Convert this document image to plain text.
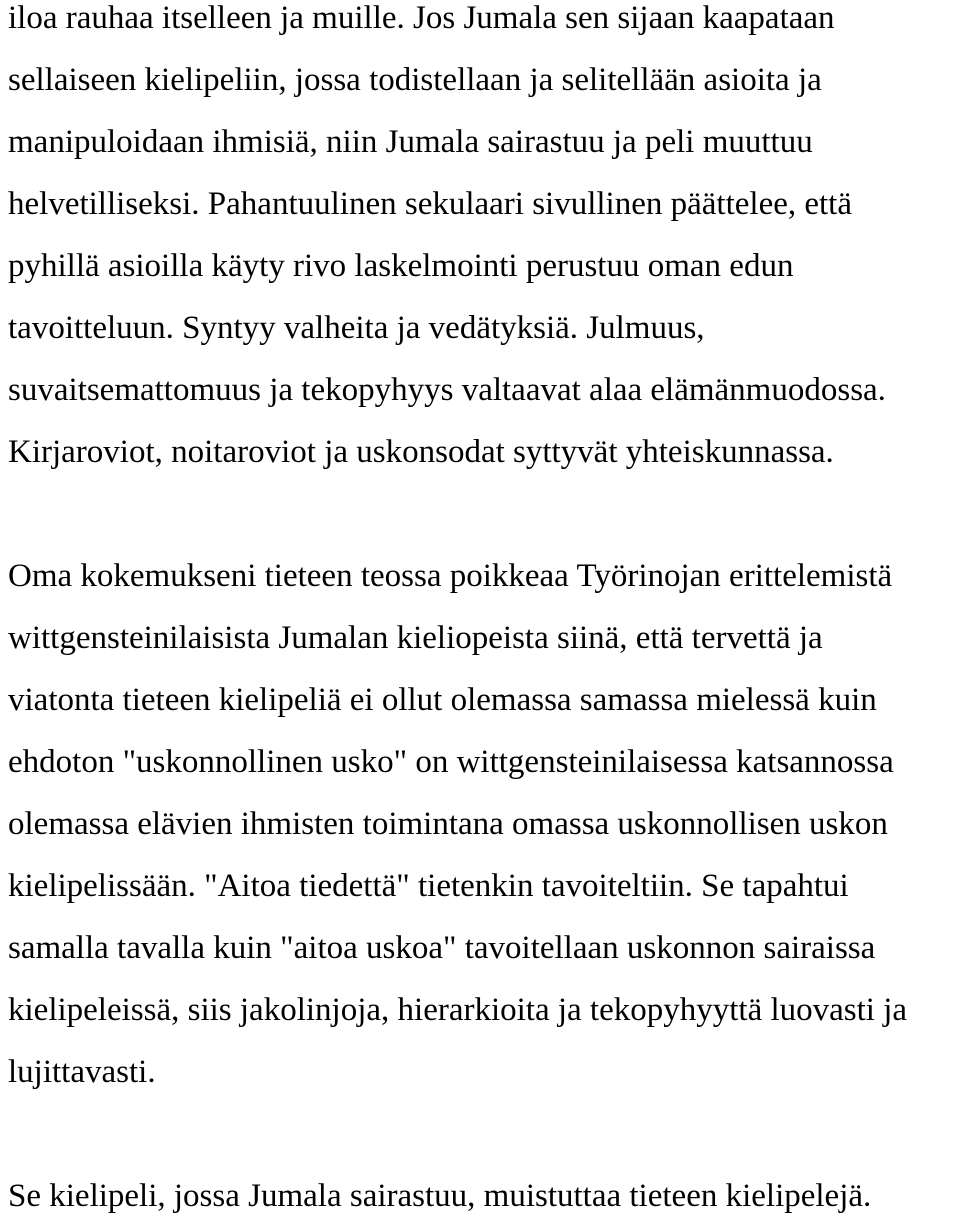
iloa rauhaa itselleen ja muille. Jos Jumala sen sijaan kaapataan
sellaiseen kielipeliin, jossa todistellaan ja selitellään asioita ja
manipuloidaan ihmisiä, niin Jumala sairastuu ja peli muuttuu
helvetilliseksi. Pahantuulinen sekulaari sivullinen päättelee, että
pyhillä asioilla käyty rivo laskelmointi perustuu oman edun
tavoitteluun. Syntyy valheita ja vedätyksiä. Julmuus,
suvaitsemattomuus ja tekopyhyys valtaavat alaa elämänmuodossa.
Kirjaroviot, noitaroviot ja uskonsodat syttyvät yhteiskunnassa.
Oma kokemukseni tieteen teossa poikkeaa Työrinojan erittelemistä
wittgensteinilaisista Jumalan kieliopeista siinä, että tervettä ja
viatonta tieteen kielipeliä ei ollut olemassa samassa mielessä kuin
ehdoton "uskonnollinen usko" on wittgensteinilaisessa katsannossa
olemassa elävien ihmisten toimintana omassa uskonnollisen uskon
kielipelissään. "Aitoa tiedettä" tietenkin tavoiteltiin. Se tapahtui
samalla tavalla kuin "aitoa uskoa" tavoitellaan uskonnon sairaissa
kielipeleissä, siis jakolinjoja, hierarkioita ja tekopyhyyttä luovasti ja
lujittavasti.
Se kielipeli, jossa Jumala sairastuu, muistuttaa tieteen kielipelejä.
